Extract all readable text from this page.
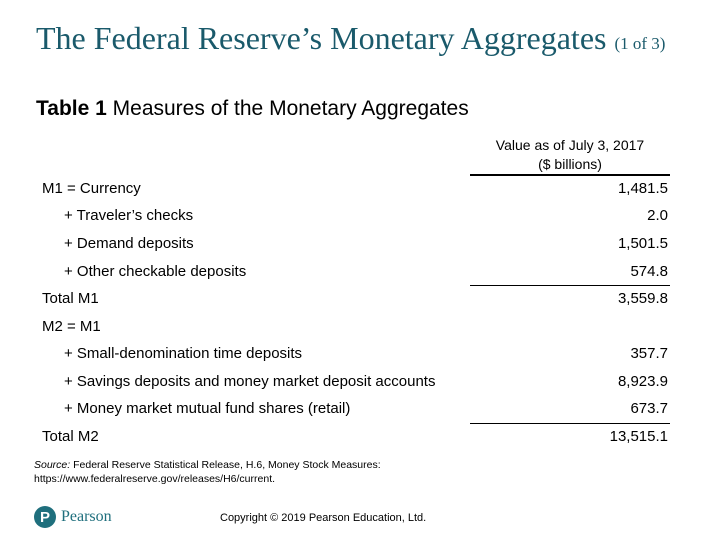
The Federal Reserve’s Monetary Aggregates (1 of 3)
Table 1 Measures of the Monetary Aggregates
Value as of July 3, 2017
($ billions)
M1 = Currency	1,481.5
+ Traveler’s checks	2.0
+ Demand deposits	1,501.5
+ Other checkable deposits	574.8
Total M1	3,559.8
M2 = M1
+ Small-denomination time deposits	357.7
+ Savings deposits and money market deposit accounts	8,923.9
+ Money market mutual fund shares (retail)	673.7
Total M2	13,515.1
Source: Federal Reserve Statistical Release, H.6, Money Stock Measures: https://www.federalreserve.gov/releases/H6/current.
P Pearson	Copyright © 2019 Pearson Education, Ltd.
